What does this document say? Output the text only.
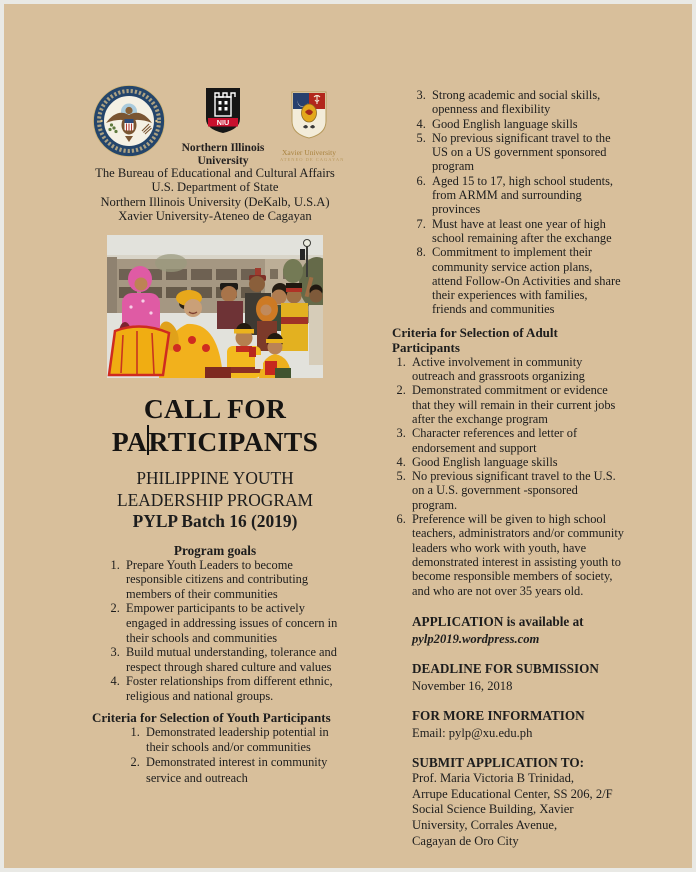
NIU
Northern Illinois
University
Xavier University
ATENEO DE CAGAYAN
The Bureau of Educational and Cultural Affairs
U.S. Department of State
Northern Illinois University (DeKalb, U.S.A)
Xavier University-Ateneo de Cagayan
CALL FOR
PARTICIPANTS
PHILIPPINE YOUTH
LEADERSHIP PROGRAM
PYLP Batch 16 (2019)
Program goals
1. Prepare Youth Leaders to become responsible citizens and contributing members of their communities
2. Empower participants to be actively engaged in addressing issues of concern in their schools and communities
3. Build mutual understanding, tolerance and respect through shared culture and values
4. Foster relationships from different ethnic, religious and national groups.
Criteria for Selection of Youth Participants
1. Demonstrated leadership potential in their schools and/or communities
2. Demonstrated interest in community service and outreach
3. Strong academic and social skills, openness and flexibility
4. Good English language skills
5. No previous significant travel to the US on a US government sponsored program
6. Aged 15 to 17, high school students, from ARMM and surrounding provinces
7. Must have at least one year of high school remaining after the exchange
8. Commitment to implement their community service action plans, attend Follow-On Activities and share their experiences with families, friends and communities
Criteria for Selection of Adult Participants
1. Active involvement in community outreach and grassroots organizing
2. Demonstrated commitment or evidence that they will remain in their current jobs after the exchange program
3. Character references and letter of endorsement and support
4. Good English language skills
5. No previous significant travel to the U.S. on a U.S. government -sponsored program.
6. Preference will be given to high school teachers, administrators and/or community leaders who work with youth, have demonstrated interest in assisting youth to become responsible members of society, and who are not over 35 years old.
APPLICATION is available at
pylp2019.wordpress.com
DEADLINE FOR SUBMISSION
November 16, 2018
FOR MORE INFORMATION
Email: pylp@xu.edu.ph
SUBMIT APPLICATION TO:
Prof. Maria Victoria B Trinidad,
Arrupe Educational Center, SS 206, 2/F
Social Science Building, Xavier
University, Corrales Avenue,
Cagayan de Oro City
